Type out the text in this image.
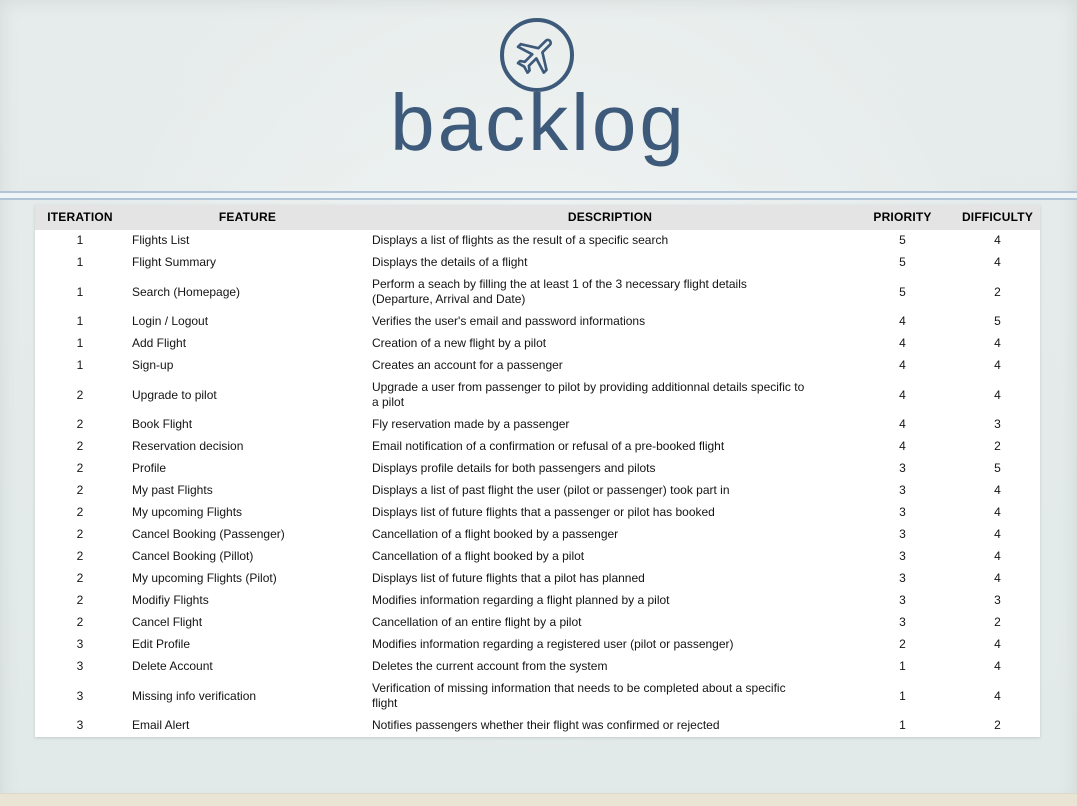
backlog
ITERATION	FEATURE	DESCRIPTION	PRIORITY	DIFFICULTY
1	Flights List	Displays a list of flights as the result of a specific search	5	4
1	Flight Summary	Displays the details of a flight	5	4
1	Search (Homepage)	Perform a seach by filling the at least 1 of the 3 necessary flight details (Departure, Arrival and Date)	5	2
1	Login / Logout	Verifies the user's email and password informations	4	5
1	Add Flight	Creation of a new flight by a pilot	4	4
1	Sign-up	Creates an account for a passenger	4	4
2	Upgrade to pilot	Upgrade a user from passenger to pilot by providing additionnal details specific to a pilot	4	4
2	Book Flight	Fly reservation made by a passenger	4	3
2	Reservation decision	Email notification of a confirmation or refusal of a pre-booked flight	4	2
2	Profile	Displays profile details for both passengers and pilots	3	5
2	My past Flights	Displays a list of past flight the user (pilot or passenger) took part in	3	4
2	My upcoming Flights	Displays list of future flights that a passenger or pilot has booked	3	4
2	Cancel Booking (Passenger)	Cancellation of a flight booked by a passenger	3	4
2	Cancel Booking (Pillot)	Cancellation of a flight booked by a pilot	3	4
2	My upcoming Flights (Pilot)	Displays list of future flights that a pilot has planned	3	4
2	Modifiy Flights	Modifies information regarding a flight planned by a pilot	3	3
2	Cancel Flight	Cancellation of an entire flight by a pilot	3	2
3	Edit Profile	Modifies information regarding a registered user (pilot or passenger)	2	4
3	Delete Account	Deletes the current account from the system	1	4
3	Missing info verification	Verification of missing information that needs to be completed about a specific flight	1	4
3	Email Alert	Notifies passengers whether their flight was confirmed or rejected	1	2
